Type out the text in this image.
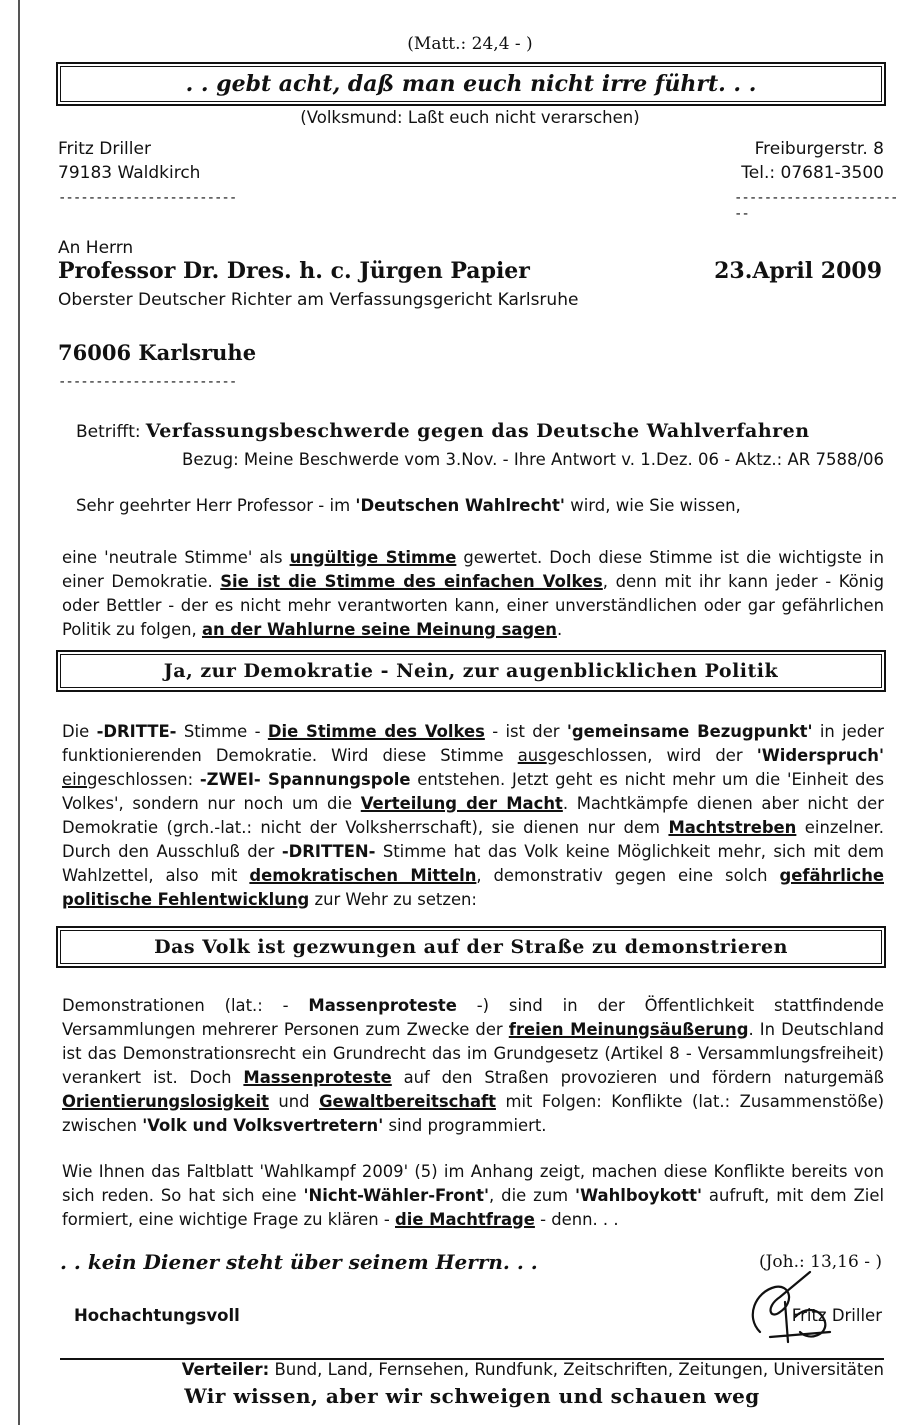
(Matt.: 24,4 - )
. . gebt acht, daß man euch nicht irre führt. . .
(Volksmund: Laßt euch nicht verarschen)
Fritz Driller
79183 Waldkirch
------------------------
Freiburgerstr. 8
Tel.: 07681-3500
------------------------
An Herrn
Professor Dr. Dres. h. c. Jürgen Papier	23.April 2009
Oberster Deutscher Richter am Verfassungsgericht Karlsruhe
76006 Karlsruhe
------------------------
Betrifft: Verfassungsbeschwerde gegen das Deutsche Wahlverfahren
Bezug: Meine Beschwerde vom 3.Nov. - Ihre Antwort v. 1.Dez. 06 - Aktz.: AR 7588/06
Sehr geehrter Herr Professor - im 'Deutschen Wahlrecht' wird, wie Sie wissen,

eine 'neutrale Stimme' als ungültige Stimme gewertet. Doch diese Stimme ist die wichtigste in einer Demokratie. Sie ist die Stimme des einfachen Volkes, denn mit ihr kann jeder - König oder Bettler - der es nicht mehr verantworten kann, einer unverständlichen oder gar gefährlichen Politik zu folgen, an der Wahlurne seine Meinung sagen.

Ja, zur Demokratie - Nein, zur augenblicklichen Politik

Die -DRITTE- Stimme - Die Stimme des Volkes - ist der 'gemeinsame Bezugpunkt' in jeder funktionierenden Demokratie. Wird diese Stimme ausgeschlossen, wird der 'Widerspruch' eingeschlossen: -ZWEI- Spannungspole entstehen. Jetzt geht es nicht mehr um die 'Einheit des Volkes', sondern nur noch um die Verteilung der Macht. Machtkämpfe dienen aber nicht der Demokratie (grch.-lat.: nicht der Volksherrschaft), sie dienen nur dem Machtstreben einzelner. Durch den Ausschluß der -DRITTEN- Stimme hat das Volk keine Möglichkeit mehr, sich mit dem Wahlzettel, also mit demokratischen Mitteln, demonstrativ gegen eine solch gefährliche politische Fehlentwicklung zur Wehr zu setzen:

Das Volk ist gezwungen auf der Straße zu demonstrieren

Demonstrationen (lat.: - Massenproteste -) sind in der Öffentlichkeit stattfindende Versammlungen mehrerer Personen zum Zwecke der freien Meinungsäußerung. In Deutschland ist das Demonstrationsrecht ein Grundrecht das im Grundgesetz (Artikel 8 - Versammlungsfreiheit) verankert ist. Doch Massenproteste auf den Straßen provozieren und fördern naturgemäß Orientierungslosigkeit und Gewaltbereitschaft mit Folgen: Konflikte (lat.: Zusammenstöße) zwischen 'Volk und Volksvertretern' sind programmiert.

Wie Ihnen das Faltblatt 'Wahlkampf 2009' (5) im Anhang zeigt, machen diese Konflikte bereits von sich reden. So hat sich eine 'Nicht-Wähler-Front', die zum 'Wahlboykott' aufruft, mit dem Ziel formiert, eine wichtige Frage zu klären - die Machtfrage - denn. . .

. . kein Diener steht über seinem Herrn. . .	(Joh.: 13,16 - )
Hochachtungsvoll	Fritz Driller
Verteiler: Bund, Land, Fernsehen, Rundfunk, Zeitschriften, Zeitungen, Universitäten
Wir wissen, aber wir schweigen und schauen weg
